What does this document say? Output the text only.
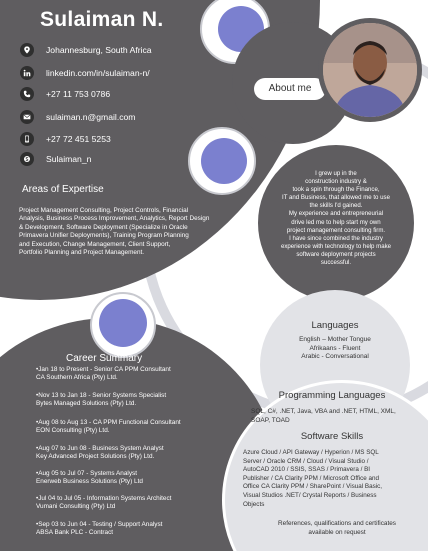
About me
Sulaiman N.
Johannesburg, South Africa
linkedin.com/in/sulaiman-n/
+27 11 753 0786
sulaiman.n@gmail.com
+27 72 451 5253
Sulaiman_n
Areas of Expertise
Project Management Consulting, Project Controls, Financial
Analysis, Business Process Improvement, Analytics, Report Design
& Development, Software Deployment (Specialize in Oracle
Primavera Unifier Deployments), Training Program Planning
and Execution, Change Management, Client Support,
Portfolio Planning and Project Management.
I grew up in the
construction industry &
took a spin through the Finance,
IT and Business, that allowed me to use
the skills I'd gained.
My experience and entrepreneurial
drive led me to help start my own
project management consulting firm.
I have since combined the industry
experience with technology to help make
software deployment projects
successful.
Languages
English – Mother Tongue
Afrikaans - Fluent
Arabic - Conversational
Career Summary
•Jan 18 to Present - Senior CA PPM Consultant
CA Southern Africa (Pty) Ltd.
•Nov 13 to Jan 18 - Senior Systems Specialist
Bytes Managed Solutions (Pty) Ltd.
•Aug 08 to Aug 13 - CA PPM Functional Consultant
EON Consulting (Pty) Ltd.
•Aug 07 to Jun 08 - Business System Analyst
Key Advanced Project Solutions (Pty) Ltd.
•Aug 05 to Jul 07 - Systems Analyst
Enerweb Business Solutions (Pty) Ltd
•Jul 04 to Jul 05 - Information Systems Architect
Vumani Consulting (Pty) Ltd
•Sep 03 to Jun 04 - Testing / Support Analyst
ABSA Bank PLC - Contract
Programming Languages
SQL, C#, .NET, Java, VBA and .NET, HTML, XML,
SOAP, TOAD
Software Skills
Azure Cloud / API Gateway / Hyperion / MS SQL
Server / Oracle CRM / Cloud / Visual Studio /
AutoCAD 2010 / SSIS, SSAS / Primavera / BI
Publisher / CA Clarity PPM / Microsoft Office and
Office CA Clarity PPM / SharePoint / Visual Basic,
Visual Studios .NET/ Crystal Reports / Business
Objects
References, qualifications and certificates
available on request
